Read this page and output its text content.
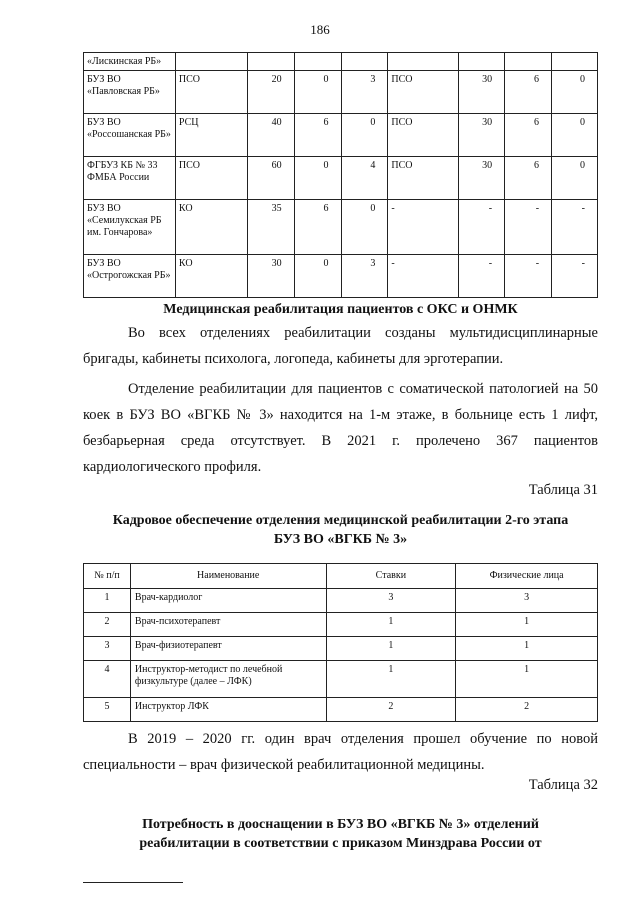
186
«Лискинская РБ»								
БУЗ ВО «Павловская РБ»	ПСО	20	0	3	ПСО	30	6	0
БУЗ ВО «Россошанская РБ»	РСЦ	40	6	0	ПСО	30	6	0
ФГБУЗ КБ № 33 ФМБА России	ПСО	60	0	4	ПСО	30	6	0
БУЗ ВО «Семилукская РБ им. Гончарова»	КО	35	6	0	-	-	-	-
БУЗ ВО «Острогожская РБ»	КО	30	0	3	-	-	-	-
Медицинская реабилитация пациентов с ОКС и ОНМК

Во всех отделениях реабилитации созданы мультидисциплинарные бригады, кабинеты психолога, логопеда, кабинеты для эрготерапии.

Отделение реабилитации для пациентов с соматической патологией на 50 коек в БУЗ ВО «ВГКБ № 3» находится на 1-м этаже, в больнице есть 1 лифт, безбарьерная среда отсутствует. В 2021 г. пролечено 367 пациентов кардиологического профиля.

Таблица 31
Кадровое обеспечение отделения медицинской реабилитации 2-го этапа
БУЗ ВО «ВГКБ № 3»
№ п/п	Наименование	Ставки	Физические лица
1	Врач-кардиолог	3	3
2	Врач-психотерапевт	1	1
3	Врач-физиотерапевт	1	1
4	Инструктор-методист по лечебной физкультуре (далее – ЛФК)	1	1
5	Инструктор ЛФК	2	2

В 2019 – 2020 гг. один врач отделения прошел обучение по новой специальности – врач физической реабилитационной медицины.

Таблица 32
Потребность в дооснащении в БУЗ ВО «ВГКБ № 3» отделений
реабилитации в соответствии с приказом Минздрава России от
